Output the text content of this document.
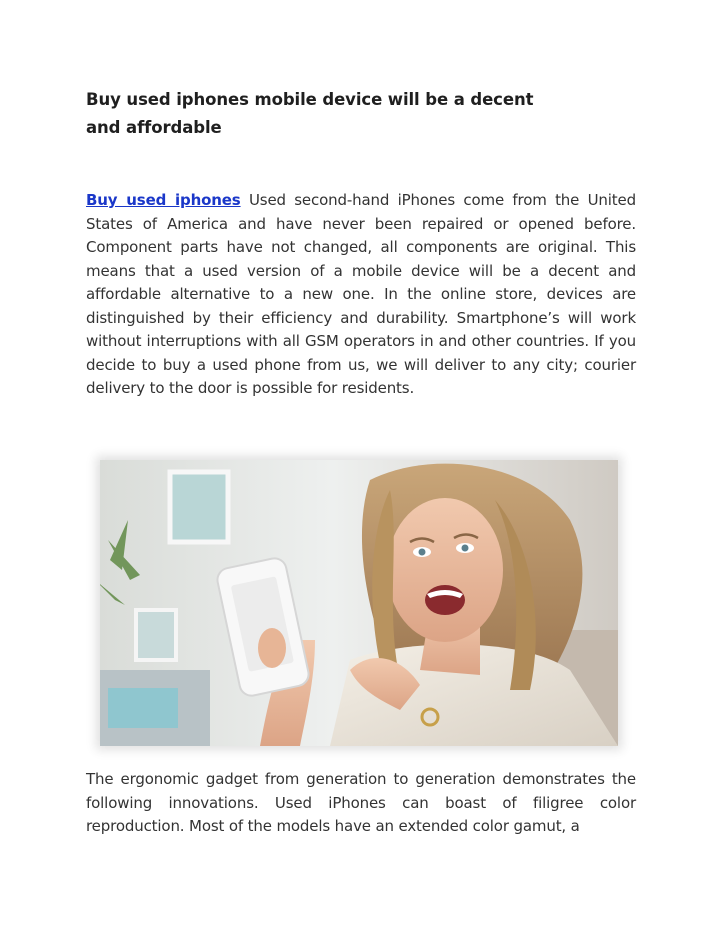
Buy used iphones mobile device will be a decent and affordable
Buy used iphones Used second-hand iPhones come from the United States of America and have never been repaired or opened before. Component parts have not changed, all components are original. This means that a used version of a mobile device will be a decent and affordable alternative to a new one. In the online store, devices are distinguished by their efficiency and durability. Smartphone’s will work without interruptions with all GSM operators in and other countries. If you decide to buy a used phone from us, we will deliver to any city; courier delivery to the door is possible for residents.
The ergonomic gadget from generation to generation demonstrates the following innovations. Used iPhones can boast of filigree color reproduction. Most of the models have an extended color gamut, a
